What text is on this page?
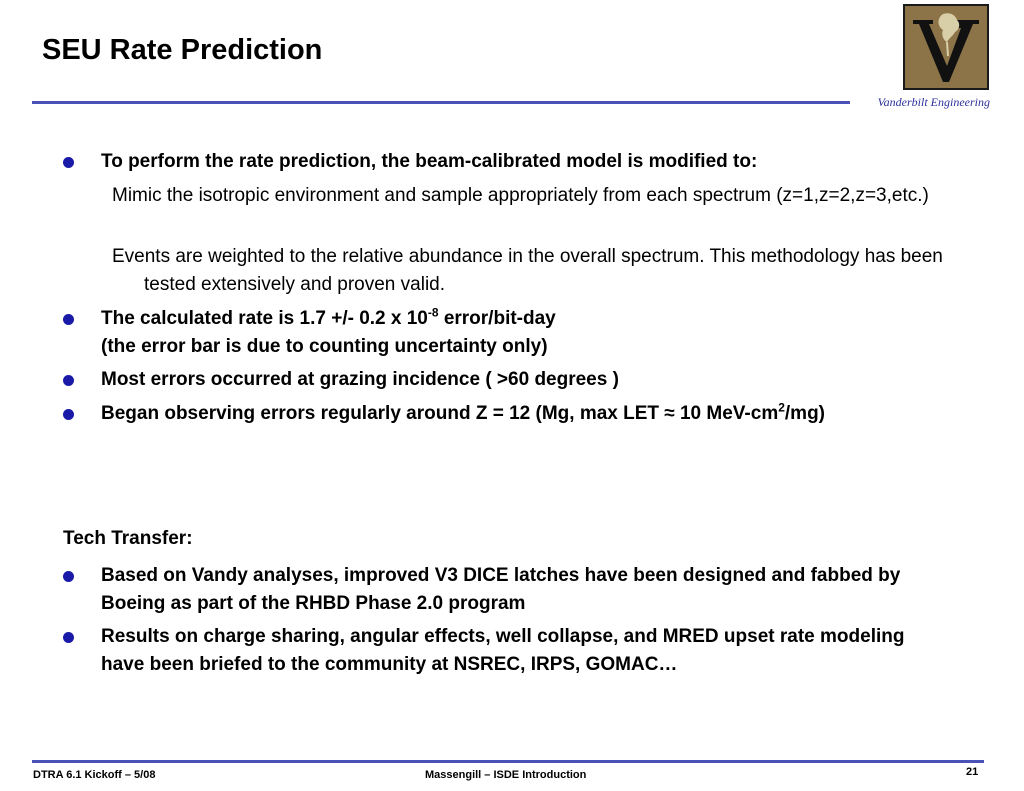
SEU Rate Prediction
Vanderbilt Engineering
To perform the rate prediction, the beam-calibrated model is modified to:
Mimic the isotropic environment and sample appropriately from each spectrum (z=1,z=2,z=3,etc.)
Events are weighted to the relative abundance in the overall spectrum. This methodology has been tested extensively and proven valid.
The calculated rate is 1.7 +/- 0.2 x $10^{-8}$ error/bit-day
(the error bar is due to counting uncertainty only)
Most errors occurred at grazing incidence ( >60 degrees )
Began observing errors regularly around Z = 12 (Mg, max LET ≈ 10 MeV-$cm^2/mg$)
Tech Transfer:
Based on Vandy analyses, improved V3 DICE latches have been designed and fabbed by Boeing as part of the RHBD Phase 2.0 program
Results on charge sharing, angular effects, well collapse, and MRED upset rate modeling have been briefed to the community at NSREC, IRPS, GOMAC…
DTRA 6.1 Kickoff – 5/08	Massengill – ISDE Introduction	21
